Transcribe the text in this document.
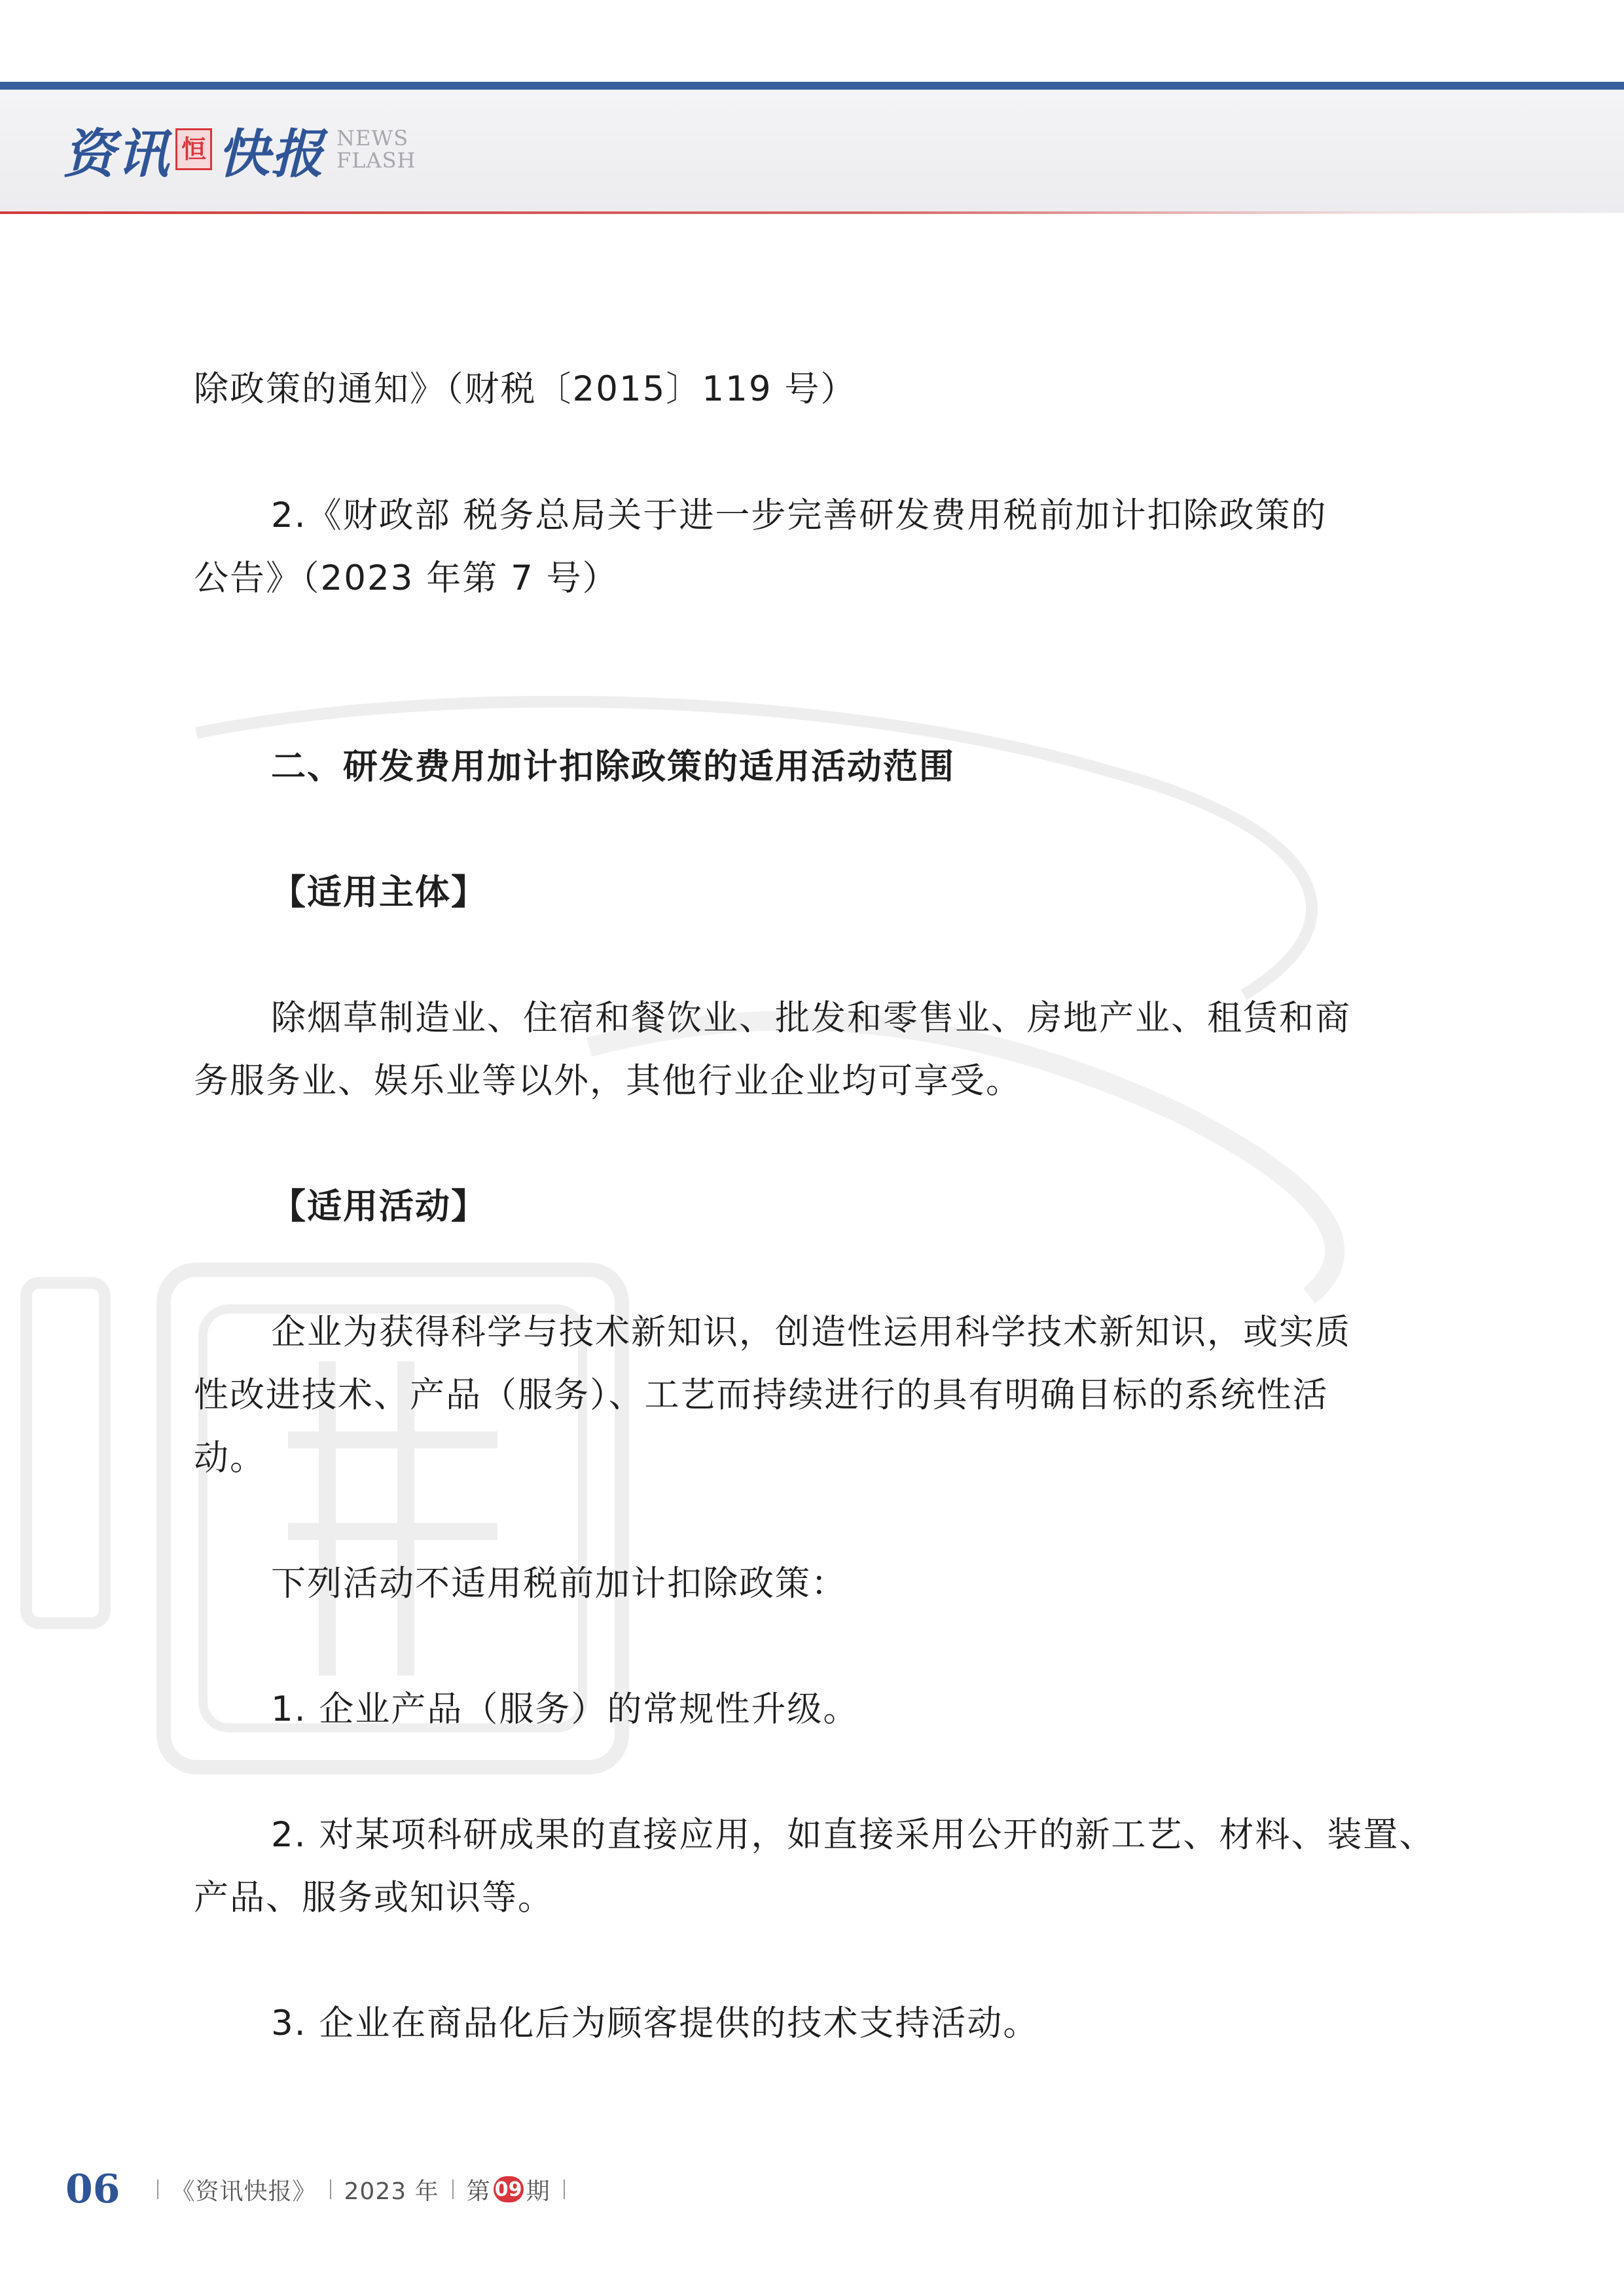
资讯 恒 快报 NEWS
FLASH

除政策的通知》（财税〔2015〕119 号）

2.《财政部 税务总局关于进一步完善研发费用税前加计扣除政策的

公告》（2023 年第 7 号）

二、研发费用加计扣除政策的适用活动范围

【适用主体】

除烟草制造业、住宿和餐饮业、批发和零售业、房地产业、租赁和商

务服务业、娱乐业等以外，其他行业企业均可享受。

【适用活动】

企业为获得科学与技术新知识，创造性运用科学技术新知识，或实质

性改进技术、产品（服务）、工艺而持续进行的具有明确目标的系统性活

动。

下列活动不适用税前加计扣除政策：

1. 企业产品（服务）的常规性升级。

2. 对某项科研成果的直接应用，如直接采用公开的新工艺、材料、装置、

产品、服务或知识等。

3. 企业在商品化后为顾客提供的技术支持活动。

06 《资讯快报》 2023 年 第 09 期
